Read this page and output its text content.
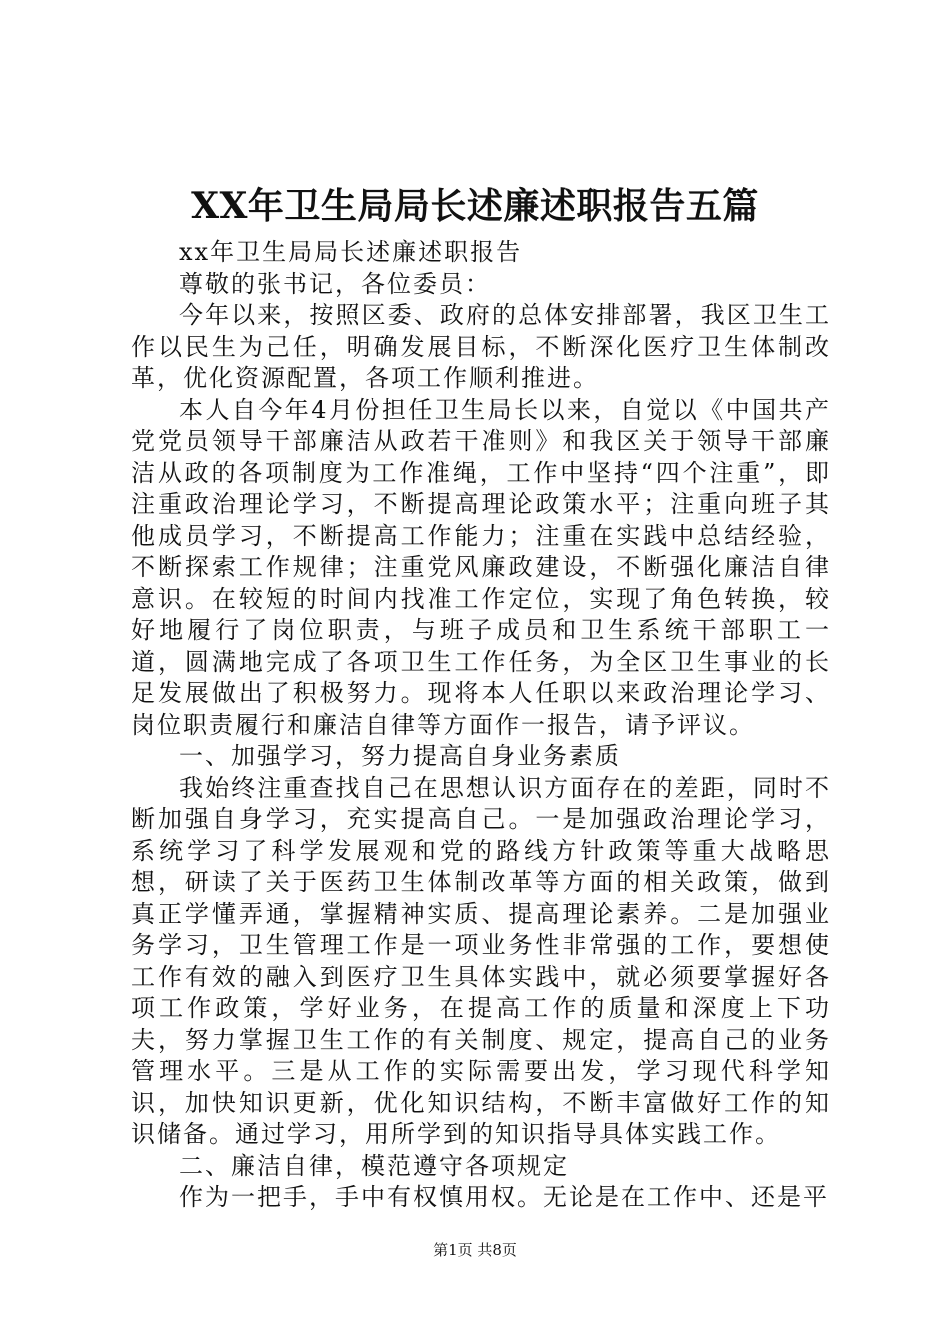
XX年卫生局局长述廉述职报告五篇

xx年卫生局局长述廉述职报告

尊敬的张书记，各位委员：

今年以来，按照区委、政府的总体安排部署，我区卫生工作以民生为己任，明确发展目标，不断深化医疗卫生体制改革，优化资源配置，各项工作顺利推进。

本人自今年4月份担任卫生局长以来，自觉以《中国共产党党员领导干部廉洁从政若干准则》和我区关于领导干部廉洁从政的各项制度为工作准绳，工作中坚持“四个注重”，即注重政治理论学习，不断提高理论政策水平；注重向班子其他成员学习，不断提高工作能力；注重在实践中总结经验，不断探索工作规律；注重党风廉政建设，不断强化廉洁自律意识。在较短的时间内找准工作定位，实现了角色转换，较好地履行了岗位职责，与班子成员和卫生系统干部职工一道，圆满地完成了各项卫生工作任务，为全区卫生事业的长足发展做出了积极努力。现将本人任职以来政治理论学习、岗位职责履行和廉洁自律等方面作一报告，请予评议。

一、加强学习，努力提高自身业务素质

我始终注重查找自己在思想认识方面存在的差距，同时不断加强自身学习，充实提高自己。一是加强政治理论学习，系统学习了科学发展观和党的路线方针政策等重大战略思想，研读了关于医药卫生体制改革等方面的相关政策，做到真正学懂弄通，掌握精神实质、提高理论素养。二是加强业务学习，卫生管理工作是一项业务性非常强的工作，要想使工作有效的融入到医疗卫生具体实践中，就必须要掌握好各项工作政策，学好业务，在提高工作的质量和深度上下功夫，努力掌握卫生工作的有关制度、规定，提高自己的业务管理水平。三是从工作的实际需要出发，学习现代科学知识，加快知识更新，优化知识结构，不断丰富做好工作的知识储备。通过学习，用所学到的知识指导具体实践工作。

二、廉洁自律，模范遵守各项规定

作为一把手，手中有权慎用权。无论是在工作中、还是平

第1页 共8页
